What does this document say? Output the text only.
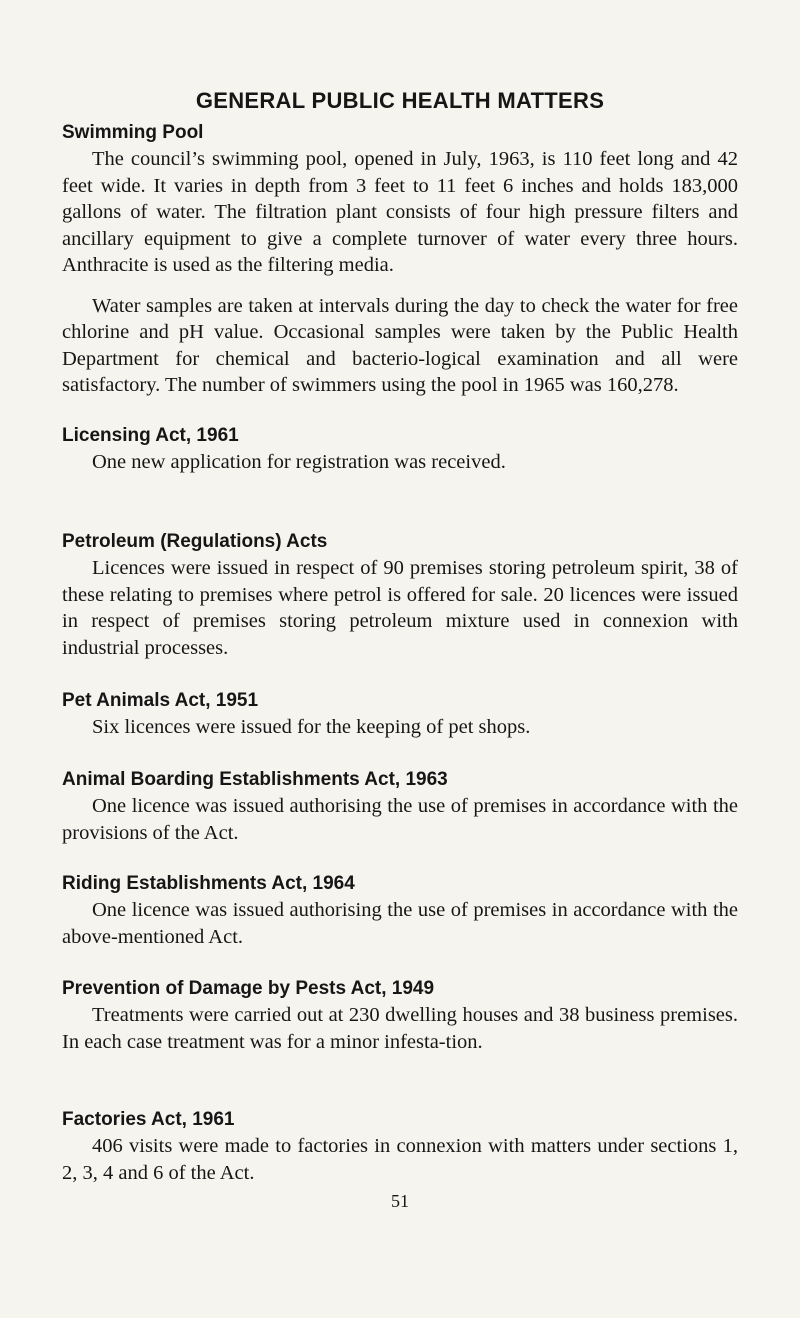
GENERAL PUBLIC HEALTH MATTERS
Swimming Pool

The council’s swimming pool, opened in July, 1963, is 110 feet long and 42 feet wide. It varies in depth from 3 feet to 11 feet 6 inches and holds 183,000 gallons of water. The filtration plant consists of four high pressure filters and ancillary equipment to give a complete turnover of water every three hours. Anthracite is used as the filtering media.

Water samples are taken at intervals during the day to check the water for free chlorine and pH value. Occasional samples were taken by the Public Health Department for chemical and bacterio-logical examination and all were satisfactory. The number of swimmers using the pool in 1965 was 160,278.

Licensing Act, 1961

One new application for registration was received.

Petroleum (Regulations) Acts

Licences were issued in respect of 90 premises storing petroleum spirit, 38 of these relating to premises where petrol is offered for sale. 20 licences were issued in respect of premises storing petroleum mixture used in connexion with industrial processes.

Pet Animals Act, 1951

Six licences were issued for the keeping of pet shops.

Animal Boarding Establishments Act, 1963

One licence was issued authorising the use of premises in accordance with the provisions of the Act.

Riding Establishments Act, 1964

One licence was issued authorising the use of premises in accordance with the above-mentioned Act.

Prevention of Damage by Pests Act, 1949

Treatments were carried out at 230 dwelling houses and 38 business premises. In each case treatment was for a minor infesta-tion.

Factories Act, 1961

406 visits were made to factories in connexion with matters under sections 1, 2, 3, 4 and 6 of the Act.

51
